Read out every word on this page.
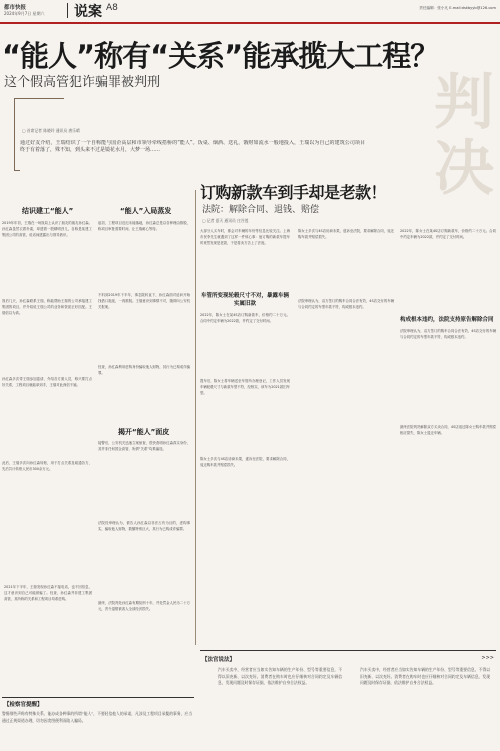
都市快报
2024年9月7日 星期六 说案 A8	责任编辑：张小凡 E-mail:dskbyyb@126.com
“能人”称有“关系”能承揽大工程？
这个假高管犯诈骗罪被判刑	判决
▢ 首席记者 陈晓玲 通讯员 唐乐晴
通过好友介绍，王瑞结识了一个自称能与国企高层和市领导牵线搭桥的“能人”。饭桌、烟酒、送礼，饿财如流水一般地投入，王瑞以为自己的建筑公司项目终于有着落了，殊不知，到头来不过是镜花水月，大梦一场……
结识建工“能人”

2019年年初，王瑞在一场饭局上认识了朋友的朋友孙红森。孙红森虽然衣着朴素，却透着一股精明劲儿，自称是某建工集团公司的高管，说话间透露出与领导熟识。

饭后几天，孙红森联系王瑞，称能帮助王瑞的公司承接建工集团的项目，并介绍说王瑞公司的业务和资质正好匹配。王瑞信以为真。

孙红森多次带王瑞参加宴请，介绍各方面人员，称只要打点好关系，工程项目就能拿到手，王瑞对此深信不疑。

此后，王瑞多次向孙红森转账，用于打点关系及疏通各方，先后共计转账人民币300余万元。

2021年下半年，王瑞发现孙红森不接电话，也不回信息，这才意识到自己可能被骗了。经查，孙红森并非建工集团高管，其所称的关系和工程项目均系虚构。

“能人”入局蒸发

起初，工程项目迟迟未能落地，孙红森总是以各种理由推脱，称项目审批需要时间，让王瑞耐心等待。

不料到2019年下半年，事态陡转直下，孙红森面对追问开始找借口拖延，一再推脱。王瑞意识到事情不对，随即向公安机关报案。

经查，孙红森利用虚构身份骗取他人财物，其行为已构成诈骗罪。

揭开“能人”面皮

接警后，公安机关迅速立案侦查，很快查明孙红森真实身份，其并非任何国企高管，所谓“关系”均系编造。

法院经审理认为，被告人孙红森以非法占有为目的，虚构事实，骗取他人财物，数额特别巨大，其行为已构成诈骗罪。

最终，法院判处孙红森有期徒刑十年，并处罚金人民币二十万元，责令退赔被害人全部经济损失。

订购新款车到手却是老款！
法院：解除合同、退钱、赔偿
▢ 记者 夏天 通讯员 庄谷莲

大部分人买车时，都会对车辆的年份等信息比较关注。上海市民李先生就遇到了这样一件烦心事：他订购的新款车提车时竟然发现是老款，于是将卖方告上了法庭。

车管所变现轮毂尺寸不对，暴露车辆实属旧款

2022年，陈女士在某4S店订购新款车，价格约二十万元。合同中约定车辆为2022款，并约定了交付时间。

提车后，陈女士将车辆送至车管所办理登记，工作人员发现车辆轮毂尺寸与新款车型不符，经核实，该车为2021款旧车型。

陈女士多次与4S店协商未果，遂诉至法院，要求解除合同，返还购车款并赔偿损失。

陈女士多次与4S店协商未果，遂诉至法院，要求解除合同，返还购车款并赔偿损失。

法院审理认为，双方签订的购车合同合法有效，4S店交付的车辆与合同约定的车型年款不符，构成根本违约。

2022年，陈女士在某4S店订购新款车，价格约二十万元。合同中约定车辆为2022款，并约定了交付时间。

构成根本违约，法院支持原告解除合同

法院审理认为，双方签订的购车合同合法有效，4S店交付的车辆与合同约定的车型年款不符，构成根本违约。

最终法院判决解除双方买卖合同，4S店返还陈女士购车款并赔偿相应损失，陈女士退还车辆。

【法官说法】	>>>
汽车买卖中，经营者应当如实告知车辆的生产年份、型号等重要信息，不得以旧充新、以次充好。消费者在购车时也应仔细核对合同约定及车辆信息，发现问题及时保存证据，依法维护自身合法权益。
汽车买卖中，经营者应当如实告知车辆的生产年份、型号等重要信息，不得以旧充新、以次充好。消费者在购车时也应仔细核对合同约定及车辆信息，发现问题及时保存证据，依法维护自身合法权益。
【检察官提醒】
警惕那些声称有特殊关系、能办成各种事的所谓“能人”，不要轻信他人的承诺，凡涉及工程项目承揽的事务，应当通过正规渠道办理，切勿因贪图便利而陷入骗局。
